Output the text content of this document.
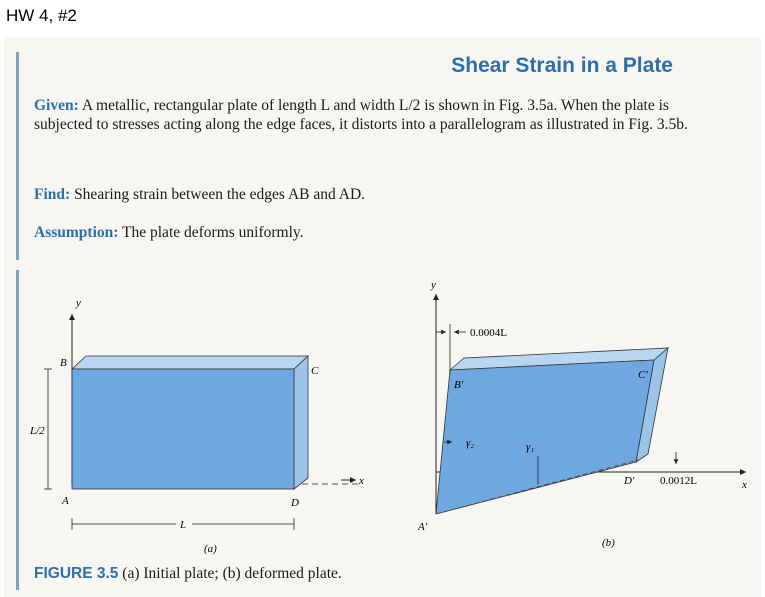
HW 4, #2
Shear Strain in a Plate
Given: A metallic, rectangular plate of length L and width L/2 is shown in Fig. 3.5a. When the plate is subjected to stresses acting along the edge faces, it distorts into a parallelogram as illustrated in Fig. 3.5b.
Find: Shearing strain between the edges AB and AD.
Assumption: The plate deforms uniformly.
y
x
B
C
A	D
L/2
L
(a)
y
x
0.0004L
D′ 0.0012L
B′
C′
A′
γ₂	γ₁
(b)
FIGURE 3.5 (a) Initial plate; (b) deformed plate.
